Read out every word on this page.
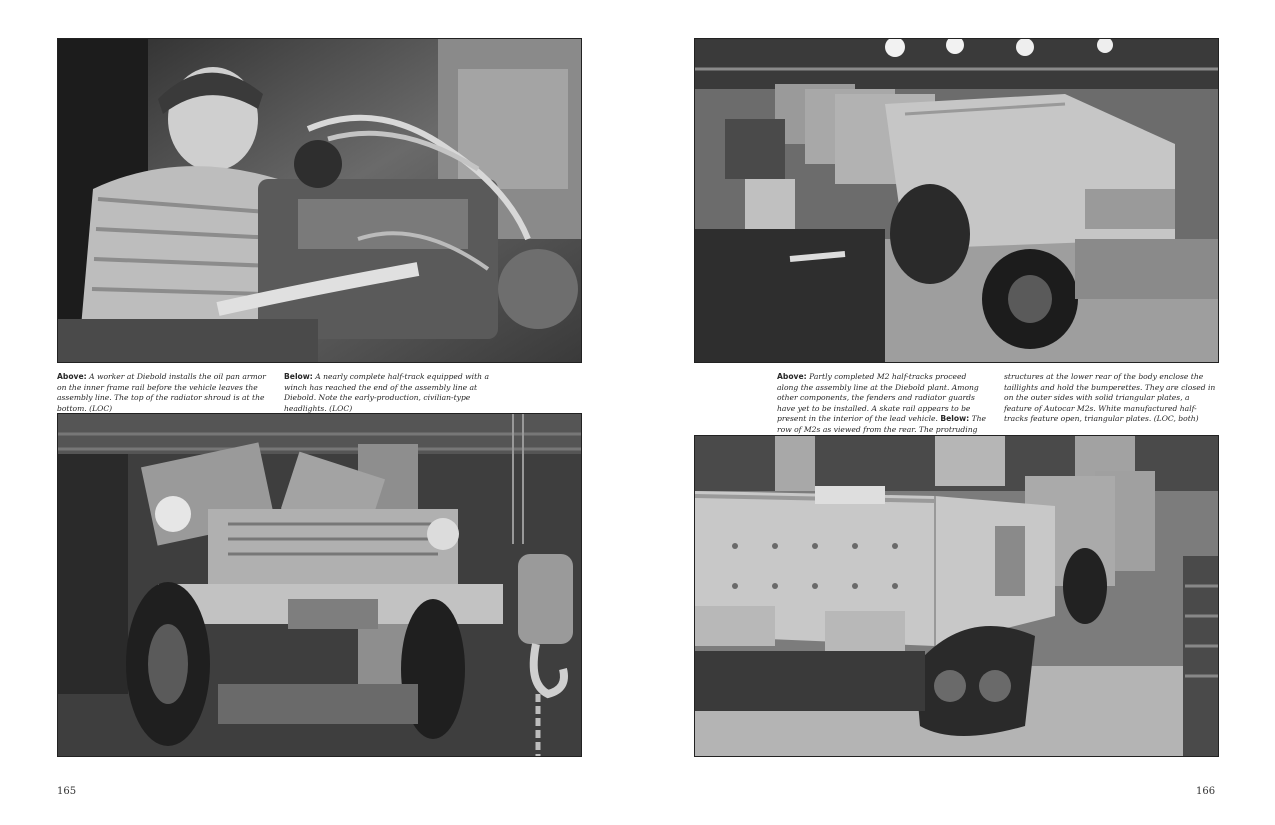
Above: A worker at Diebold installs the oil pan armor on the inner frame rail before the vehicle leaves the assembly line. The top of the radiator shroud is at the bottom. (LOC)

Below: A nearly complete half-track equipped with a winch has reached the end of the assembly line at Diebold. Note the early-production, civilian-type headlights. (LOC)

165

Above: Partly completed M2 half-tracks proceed along the assembly line at the Diebold plant. Among other components, the fenders and radiator guards have yet to be installed. A skate rail appears to be present in the interior of the lead vehicle. Below: The row of M2s as viewed from the rear. The protruding

structures at the lower rear of the body enclose the taillights and hold the bumperettes. They are closed in on the outer sides with solid triangular plates, a feature of Autocar M2s. White manufactured half-tracks feature open, triangular plates. (LOC, both)

166
